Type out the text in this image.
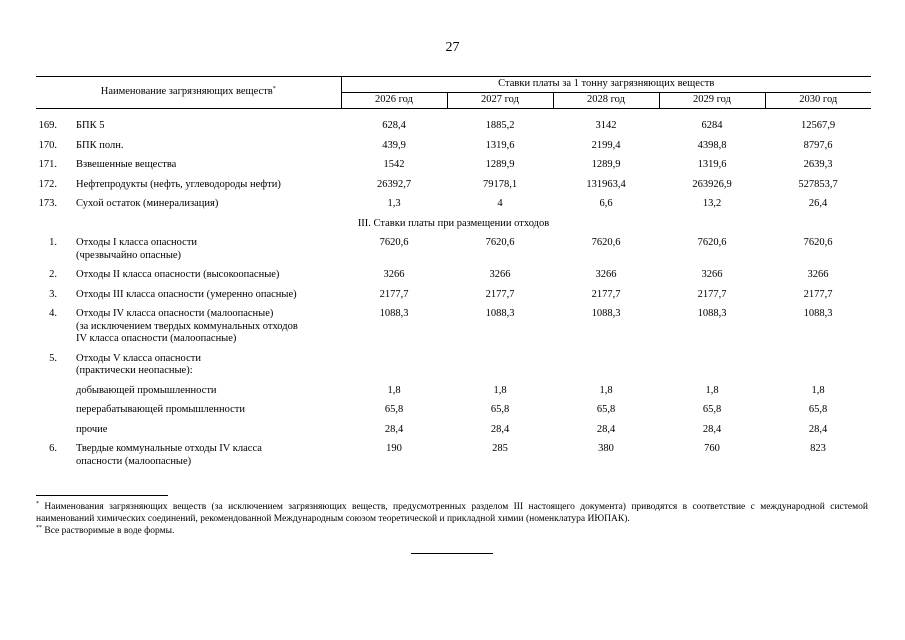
27
Наименование загрязняющих веществ*		Ставки платы за 1 тонну загрязняющих веществ				
		2026 год	2027 год	2028 год	2029 год	2030 год

169.	БПК 5	628,4	1885,2	3142	6284	12567,9
170.	БПК полн.	439,9	1319,6	2199,4	4398,8	8797,6
171.	Взвешенные вещества	1542	1289,9	1289,9	1319,6	2639,3
172.	Нефтепродукты (нефть, углеводороды нефти)	26392,7	79178,1	131963,4	263926,9	527853,7
173.	Сухой остаток (минерализация)	1,3	4	6,6	13,2	26,4
III. Ставки платы при размещении отходов						
1.	Отходы I класса опасности
(чрезвычайно опасные)	7620,6	7620,6	7620,6	7620,6	7620,6
2.	Отходы II класса опасности (высокоопасные)	3266	3266	3266	3266	3266
3.	Отходы III класса опасности (умеренно опасные)	2177,7	2177,7	2177,7	2177,7	2177,7
4.	Отходы IV класса опасности (малоопасные)
(за исключением твердых коммунальных отходов
IV класса опасности (малоопасные)	1088,3	1088,3	1088,3	1088,3	1088,3
5.	Отходы V класса опасности
(практически неопасные):					

	добывающей промышленности	1,8	1,8	1,8	1,8	1,8

	перерабатывающей промышленности	65,8	65,8	65,8	65,8	65,8

	прочие	28,4	28,4	28,4	28,4	28,4
6.	Твердые коммунальные отходы IV класса
опасности (малоопасные)	190	285	380	760	823

* Наименования загрязняющих веществ (за исключением загрязняющих веществ, предусмотренных разделом III настоящего документа) приводятся в соответствие с международной системой наименований химических соединений, рекомендованной Международным союзом теоретической и прикладной химии (номенклатура ИЮПАК).

** Все растворимые в воде формы.
